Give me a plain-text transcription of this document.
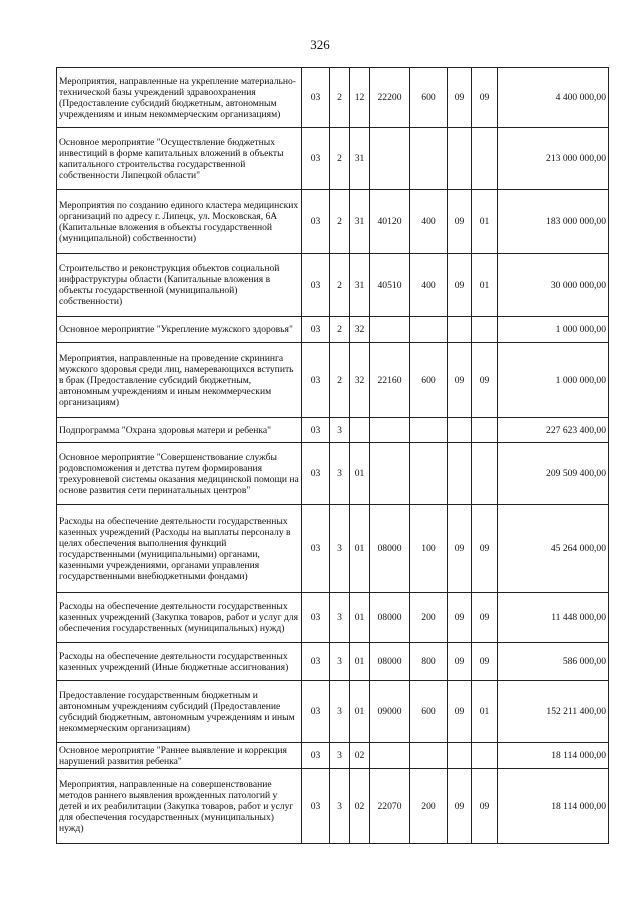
326
Мероприятия, направленные на укрепление материально-технической базы учреждений здравоохранения (Предоставление субсидий бюджетным, автономным учреждениям и иным некоммерческим организациям)	03	2	12	22200	600	09	09	4 400 000,00
Основное мероприятие "Осуществление бюджетных инвестиций в форме капитальных вложений в объекты капитального строительства государственной собственности Липецкой области"	03	2	31					213 000 000,00
Мероприятия по созданию единого кластера медицинских организаций по адресу г. Липецк, ул. Московская, 6А (Капитальные вложения в объекты государственной (муниципальной) собственности)	03	2	31	40120	400	09	01	183 000 000,00
Строительство и реконструкция объектов социальной инфраструктуры области (Капитальные вложения в объекты государственной (муниципальной) собственности)	03	2	31	40510	400	09	01	30 000 000,00
Основное мероприятие "Укрепление мужского здоровья"	03	2	32					1 000 000,00
Мероприятия, направленные на проведение скрининга мужского здоровья среди лиц, намеревающихся вступить в брак (Предоставление субсидий бюджетным, автономным учреждениям и иным некоммерческим организациям)	03	2	32	22160	600	09	09	1 000 000,00
Подпрограмма "Охрана здоровья матери и ребенка"	03	3						227 623 400,00
Основное мероприятие "Совершенствование службы родовспоможения и детства путем формирования трехуровневой системы оказания медицинской помощи на основе развития сети перинатальных центров"	03	3	01					209 509 400,00
Расходы на обеспечение деятельности государственных казенных учреждений (Расходы на выплаты персоналу в целях обеспечения выполнения функций государственными (муниципальными) органами, казенными учреждениями, органами управления государственными внебюджетными фондами)	03	3	01	08000	100	09	09	45 264 000,00
Расходы на обеспечение деятельности государственных казенных учреждений (Закупка товаров, работ и услуг для обеспечения государственных (муниципальных) нужд)	03	3	01	08000	200	09	09	11 448 000,00
Расходы на обеспечение деятельности государственных казенных учреждений (Иные бюджетные ассигнования)	03	3	01	08000	800	09	09	586 000,00
Предоставление государственным бюджетным и автономным учреждениям субсидий (Предоставление субсидий бюджетным, автономным учреждениям и иным некоммерческим организациям)	03	3	01	09000	600	09	01	152 211 400,00
Основное мероприятие "Раннее выявление и коррекция нарушений развития ребенка"	03	3	02					18 114 000,00
Мероприятия, направленные на совершенствование методов раннего выявления врожденных патологий у детей и их реабилитации (Закупка товаров, работ и услуг для обеспечения государственных (муниципальных) нужд)	03	3	02	22070	200	09	09	18 114 000,00
